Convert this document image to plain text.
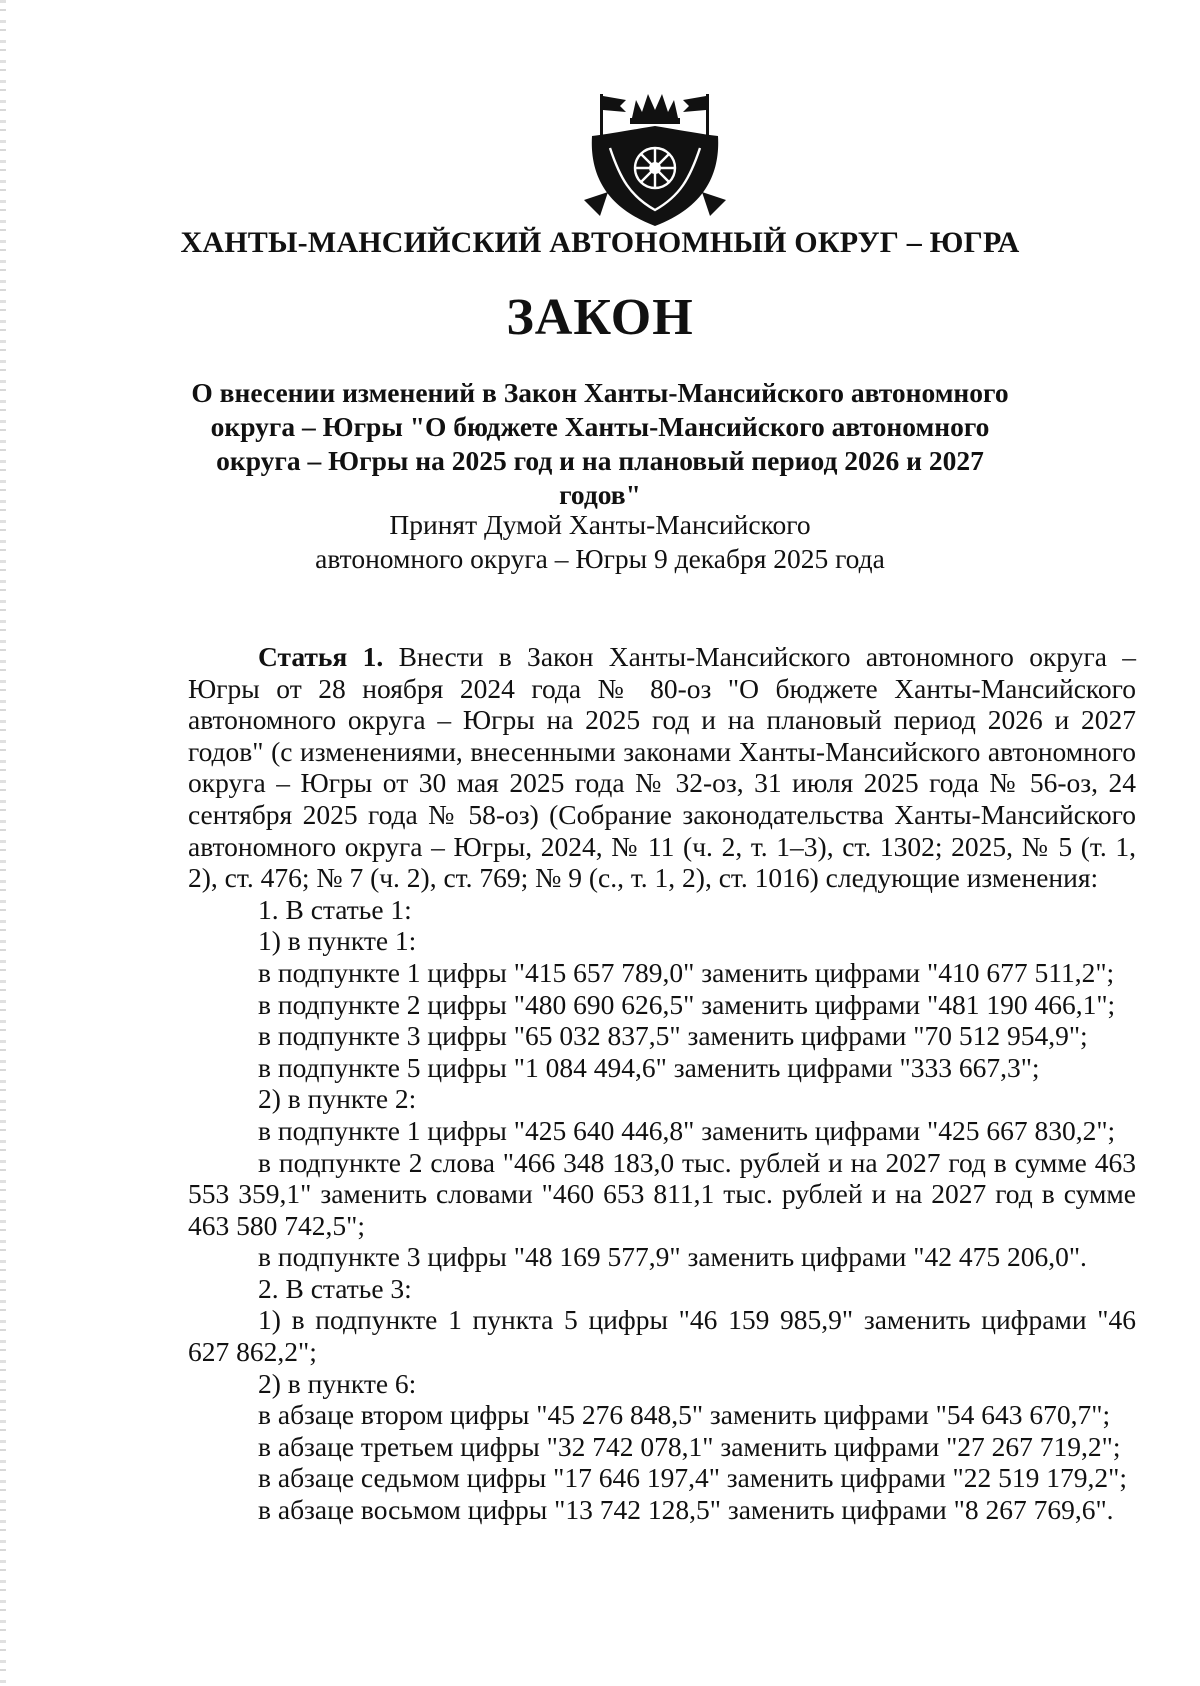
ХАНТЫ-МАНСИЙСКИЙ АВТОНОМНЫЙ ОКРУГ – ЮГРА
ЗАКОН

О внесении изменений в Закон Ханты-Мансийского автономного
округа – Югры "О бюджете Ханты-Мансийского автономного
округа – Югры на 2025 год и на плановый период 2026 и 2027 годов"

Принят Думой Ханты-Мансийского
автономного округа – Югры 9 декабря 2025 года

Статья 1. Внести в Закон Ханты-Мансийского автономного округа – Югры от 28 ноября 2024 года № 80-оз "О бюджете Ханты-Мансийского автономного округа – Югры на 2025 год и на плановый период 2026 и 2027 годов" (с изменениями, внесенными законами Ханты-Мансийского автономного округа – Югры от 30 мая 2025 года № 32-оз, 31 июля 2025 года № 56-оз, 24 сентября 2025 года № 58-оз) (Собрание законодательства Ханты-Мансийского автономного округа – Югры, 2024, № 11 (ч. 2, т. 1–3), ст. 1302; 2025, № 5 (т. 1, 2), ст. 476; № 7 (ч. 2), ст. 769; № 9 (с., т. 1, 2), ст. 1016) следующие изменения:

1. В статье 1:

1) в пункте 1:

в подпункте 1 цифры "415 657 789,0" заменить цифрами "410 677 511,2";

в подпункте 2 цифры "480 690 626,5" заменить цифрами "481 190 466,1";

в подпункте 3 цифры "65 032 837,5" заменить цифрами "70 512 954,9";

в подпункте 5 цифры "1 084 494,6" заменить цифрами "333 667,3";

2) в пункте 2:

в подпункте 1 цифры "425 640 446,8" заменить цифрами "425 667 830,2";

в подпункте 2 слова "466 348 183,0 тыс. рублей и на 2027 год в сумме 463 553 359,1" заменить словами "460 653 811,1 тыс. рублей и на 2027 год в сумме 463 580 742,5";

в подпункте 3 цифры "48 169 577,9" заменить цифрами "42 475 206,0".

2. В статье 3:

1) в подпункте 1 пункта 5 цифры "46 159 985,9" заменить цифрами "46 627 862,2";

2) в пункте 6:

в абзаце втором цифры "45 276 848,5" заменить цифрами "54 643 670,7";

в абзаце третьем цифры "32 742 078,1" заменить цифрами "27 267 719,2";

в абзаце седьмом цифры "17 646 197,4" заменить цифрами "22 519 179,2";

в абзаце восьмом цифры "13 742 128,5" заменить цифрами "8 267 769,6".
